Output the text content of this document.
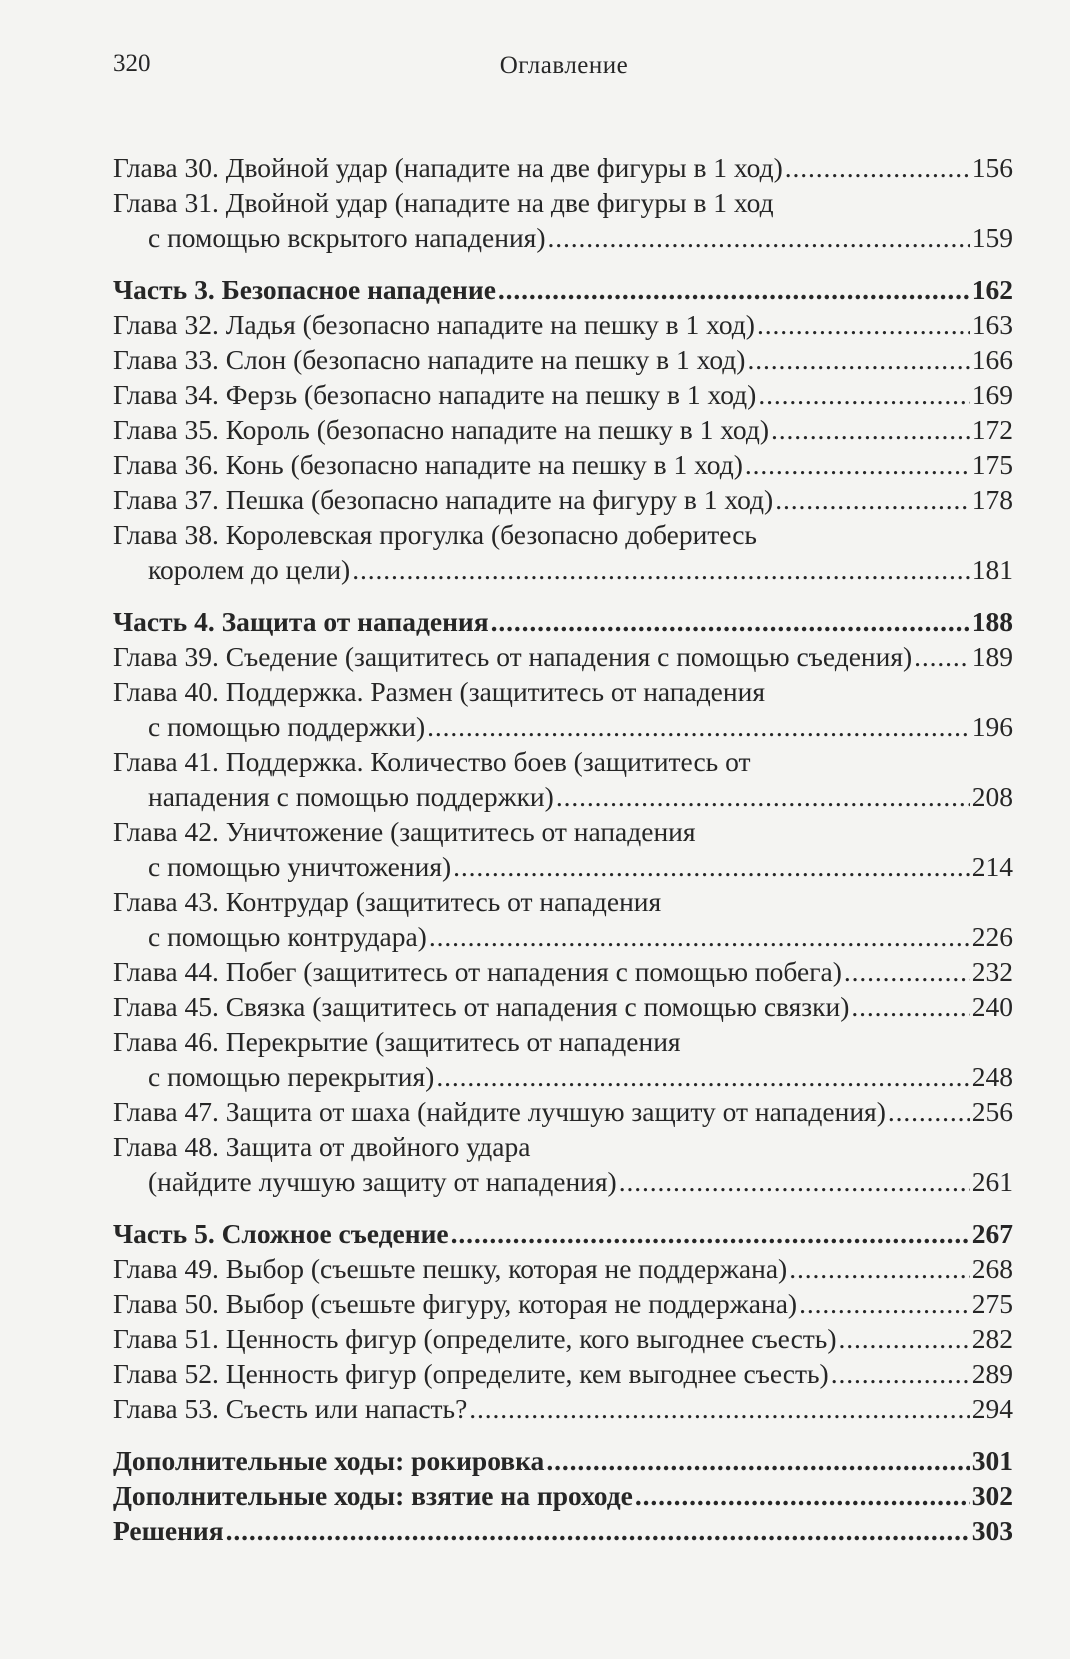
320	Оглавление
Глава 30. Двойной удар (нападите на две фигуры в 1 ход) . . .	156
Глава 31. Двойной удар (нападите на две фигуры в 1 ход
с помощью вскрытого нападения) . . .	159
Часть 3. Безопасное нападение . . .	162
Глава 32. Ладья (безопасно нападите на пешку в 1 ход) . . .	163
Глава 33. Слон (безопасно нападите на пешку в 1 ход) . . .	166
Глава 34. Ферзь (безопасно нападите на пешку в 1 ход) . . .	169
Глава 35. Король (безопасно нападите на пешку в 1 ход) . . .	172
Глава 36. Конь (безопасно нападите на пешку в 1 ход) . . .	175
Глава 37. Пешка (безопасно нападите на фигуру в 1 ход) . . .	178
Глава 38. Королевская прогулка (безопасно доберитесь
королем до цели) . . .	181
Часть 4. Защита от нападения . . .	188
Глава 39. Съедение (защититесь от нападения с помощью съедения) . . . 189
Глава 40. Поддержка. Размен (защититесь от нападения
с помощью поддержки) . . .	196
Глава 41. Поддержка. Количество боев (защититесь от
нападения с помощью поддержки) . . .	208
Глава 42. Уничтожение (защититесь от нападения
с помощью уничтожения) . . .	214
Глава 43. Контрудар (защититесь от нападения
с помощью контрудара) . . .	226
Глава 44. Побег (защититесь от нападения с помощью побега) . . .	232
Глава 45. Связка (защититесь от нападения с помощью связки) . . .	240
Глава 46. Перекрытие (защититесь от нападения
с помощью перекрытия) . . .	248
Глава 47. Защита от шаха (найдите лучшую защиту от нападения) . . .	256
Глава 48. Защита от двойного удара
(найдите лучшую защиту от нападения) . . .	261
Часть 5. Сложное съедение . . .	267
Глава 49. Выбор (съешьте пешку, которая не поддержана) . . .	268
Глава 50. Выбор (съешьте фигуру, которая не поддержана) . . .	275
Глава 51. Ценность фигур (определите, кого выгоднее съесть) . . .	282
Глава 52. Ценность фигур (определите, кем выгоднее съесть) . . .	289
Глава 53. Съесть или напасть? . . .	294
Дополнительные ходы: рокировка . . .	301
Дополнительные ходы: взятие на проходе . . .	302
Решения . . .	303
